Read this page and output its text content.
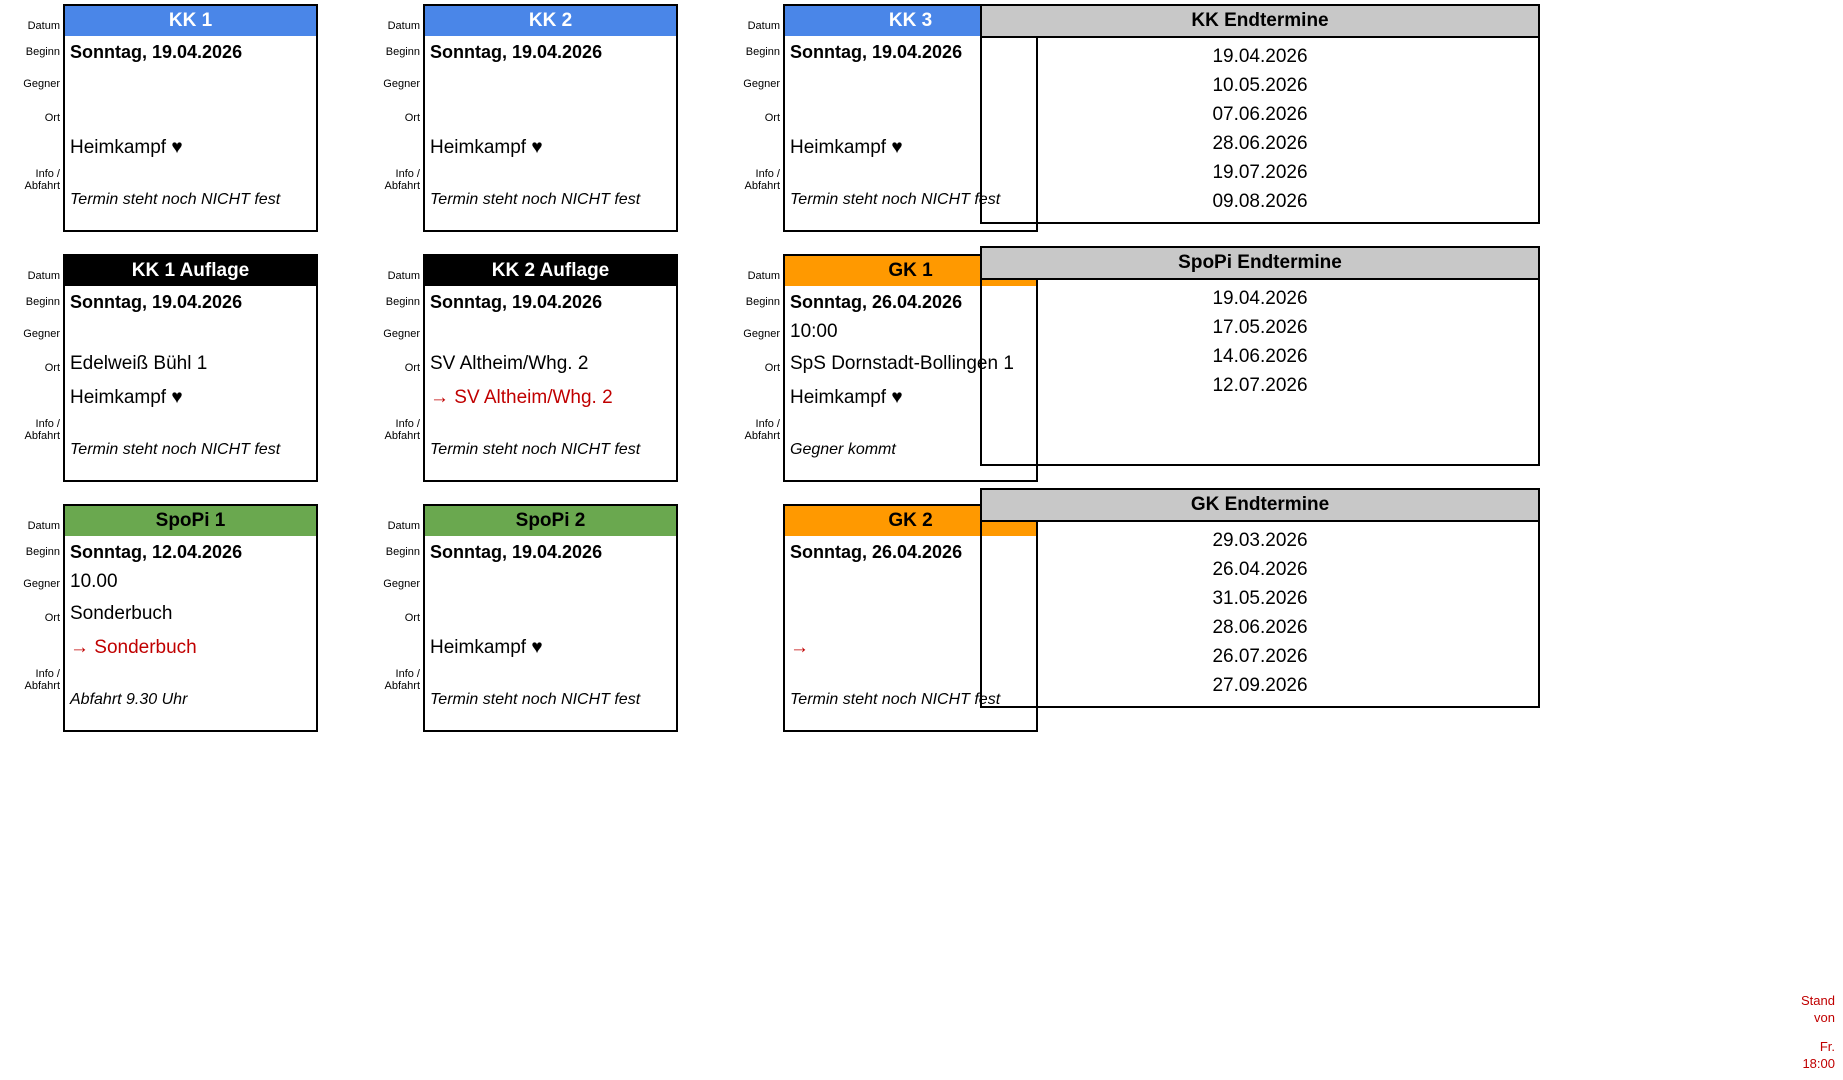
Datum
Beginn
Gegner
Ort
Info /
Abfahrt
KK 1
Sonntag, 19.04.2026
Heimkampf ♥
Termin steht noch NICHT fest
Datum
Beginn
Gegner
Ort
Info /
Abfahrt
KK 2
Sonntag, 19.04.2026
Heimkampf ♥
Termin steht noch NICHT fest
Datum
Beginn
Gegner
Ort
Info /
Abfahrt
KK 3
Sonntag, 19.04.2026
Heimkampf ♥
Termin steht noch NICHT fest
Datum
Beginn
Gegner
Ort
Info /
Abfahrt
KK 1 Auflage
Sonntag, 19.04.2026
Edelweiß Bühl 1
Heimkampf ♥
Termin steht noch NICHT fest
Datum
Beginn
Gegner
Ort
Info /
Abfahrt
KK 2 Auflage
Sonntag, 19.04.2026
SV Altheim/Whg. 2
→ SV Altheim/Whg. 2
Termin steht noch NICHT fest
Datum
Beginn
Gegner
Ort
Info /
Abfahrt
GK 1
Sonntag, 26.04.2026
10:00
SpS Dornstadt-Bollingen 1
Heimkampf ♥
Gegner kommt
Datum
Beginn
Gegner
Ort
Info /
Abfahrt
SpoPi 1
Sonntag, 12.04.2026
10.00
Sonderbuch
→ Sonderbuch
Abfahrt 9.30 Uhr
Datum
Beginn
Gegner
Ort
Info /
Abfahrt
SpoPi 2
Sonntag, 19.04.2026
Heimkampf ♥
Termin steht noch NICHT fest
GK 2
Sonntag, 26.04.2026
→
Termin steht noch NICHT fest
KK Endtermine
19.04.2026
10.05.2026
07.06.2026
28.06.2026
19.07.2026
09.08.2026
SpoPi Endtermine
19.04.2026
17.05.2026
14.06.2026
12.07.2026

GK Endtermine
29.03.2026
26.04.2026
31.05.2026
28.06.2026
26.07.2026
27.09.2026
Stand
von
Fr.
18:00
